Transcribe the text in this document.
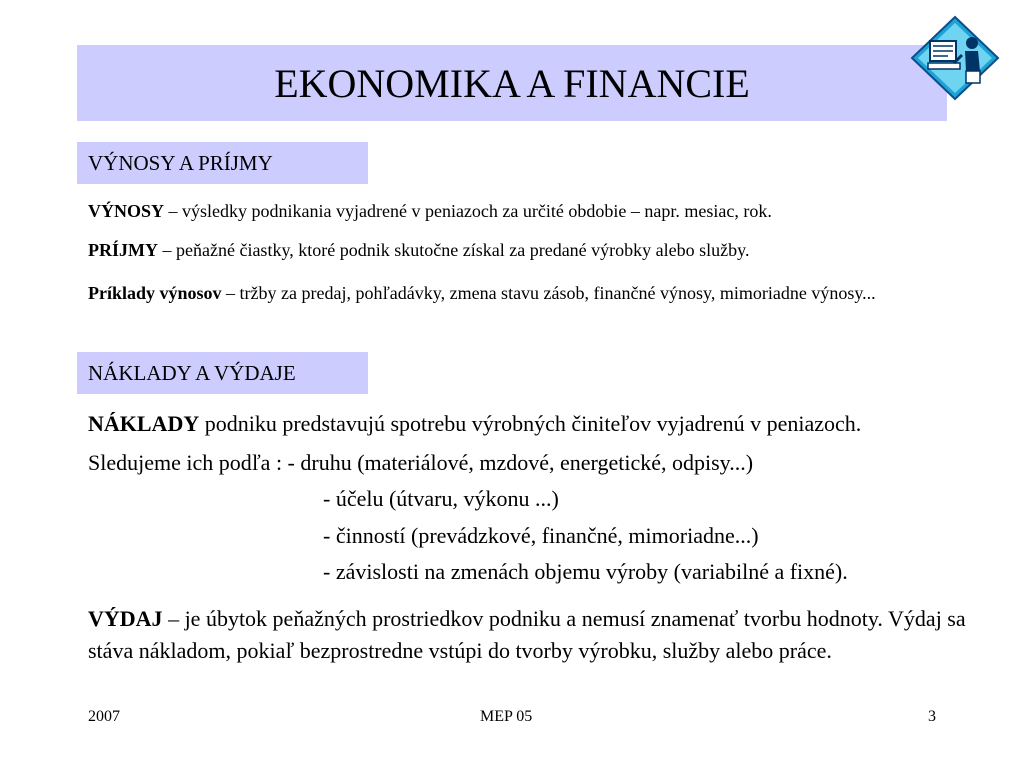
EKONOMIKA A FINANCIE
VÝNOSY A PRÍJMY

VÝNOSY – výsledky podnikania vyjadrené v peniazoch za určité obdobie – napr. mesiac, rok.

PRÍJMY – peňažné čiastky, ktoré podnik skutočne získal za predané výrobky alebo služby.

Príklady výnosov – tržby za predaj, pohľadávky, zmena stavu zásob, finančné výnosy, mimoriadne výnosy...

NÁKLADY A VÝDAJE

NÁKLADY podniku predstavujú spotrebu výrobných činiteľov vyjadrenú v peniazoch.

Sledujeme ich podľa : - druhu (materiálové, mzdové, energetické, odpisy...)

- účelu (útvaru, výkonu ...)

- činností (prevádzkové, finančné, mimoriadne...)

- závislosti na zmenách objemu výroby (variabilné a fixné).

VÝDAJ – je úbytok peňažných prostriedkov podniku a nemusí znamenať tvorbu hodnoty. Výdaj sa stáva nákladom, pokiaľ bezprostredne vstúpi do tvorby výrobku, služby alebo práce.

2007	MEP 05	3
